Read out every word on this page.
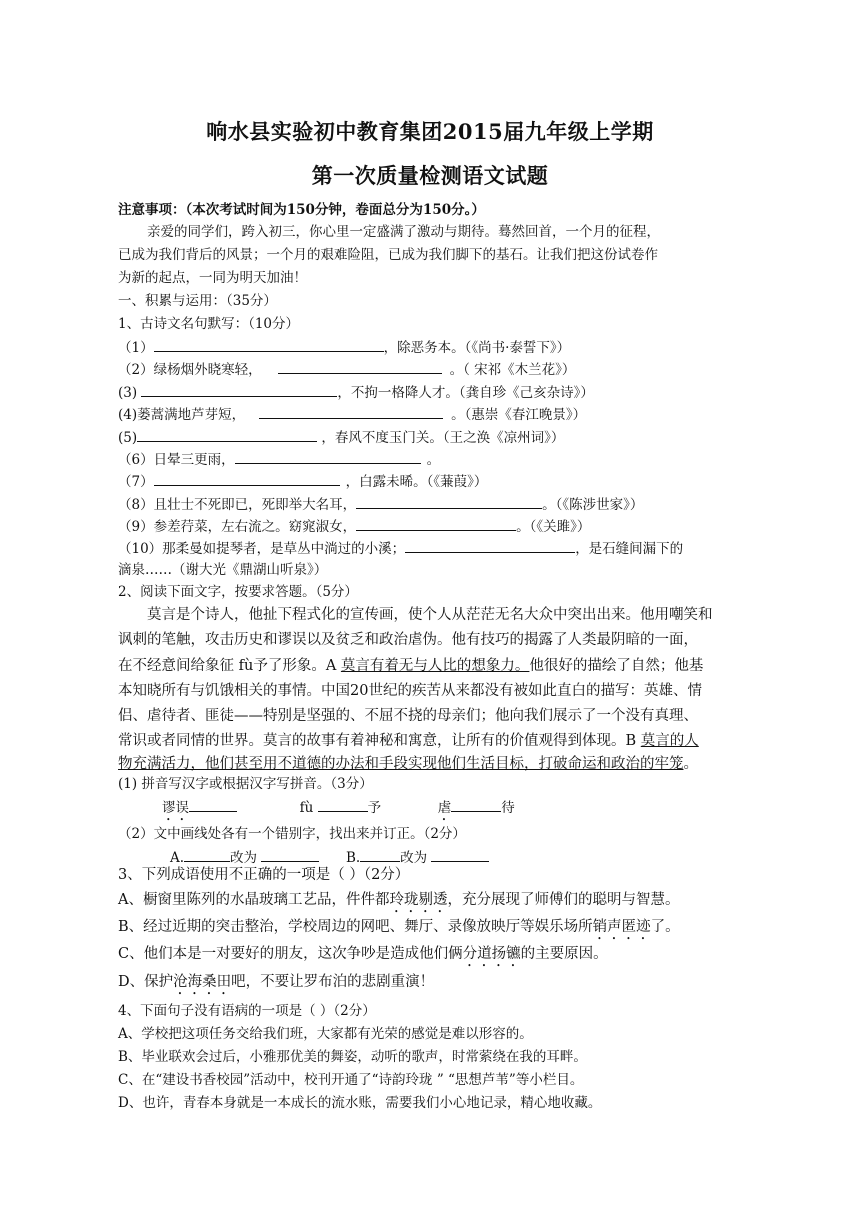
响水县实验初中教育集团2015届九年级上学期
第一次质量检测语文试题
注意事项：（本次考试时间为150分钟，卷面总分为150分。）
亲爱的同学们，跨入初三，你心里一定盛满了激动与期待。蓦然回首，一个月的征程，
已成为我们背后的风景；一个月的艰难险阻，已成为我们脚下的基石。让我们把这份试卷作
为新的起点，一同为明天加油！
一、积累与运用：（35分）
1、古诗文名句默写：（10分）
（1）	，除恶务本。（《尚书·泰誓下》）
（2）绿杨烟外晓寒轻，	。（ 宋祁《木兰花》）
(3)	，不拘一格降人才。（龚自珍《己亥杂诗》）
(4)蒌蒿满地芦芽短，	。（惠崇《春江晚景》）
(5)	，春风不度玉门关。（王之涣《凉州词》）
（6）日晕三更雨，	。
（7）	，白露未晞。（《蒹葭》）
（8）且壮士不死即已，死即举大名耳，	。（《陈涉世家》）
（9）参差荇菜，左右流之。窈窕淑女，	。（《关雎》）
（10）那柔曼如提琴者，是草丛中淌过的小溪；	，是石缝间漏下的
滴泉……（谢大光《鼎湖山听泉》）
2、阅读下面文字，按要求答题。（5分）
莫言是个诗人，他扯下程式化的宣传画，使个人从茫茫无名大众中突出出来。他用嘲笑和
讽刺的笔触，攻击历史和谬误以及贫乏和政治虐伪。他有技巧的揭露了人类最阴暗的一面，
在不经意间给象征 fù予了形象。A 莫言有着无与人比的想象力。他很好的描绘了自然；他基
本知晓所有与饥饿相关的事情。中国20世纪的疾苦从来都没有被如此直白的描写：英雄、情
侣、虐待者、匪徒——特别是坚强的、不屈不挠的母亲们；他向我们展示了一个没有真理、
常识或者同情的世界。莫言的故事有着神秘和寓意，让所有的价值观得到体现。B 莫言的人
物充满活力，他们甚至用不道德的办法和手段实现他们生活目标，打破命运和政治的牢笼。
(1) 拼音写汉字或根据汉字写拼音。（3分）
谬误	fù	予	虐	待
（2）文中画线处各有一个错别字，找出来并订正。（2分）
A.	改为	B.	改为
3、下列成语使用不正确的一项是（ ）（2分）
A、橱窗里陈列的水晶玻璃工艺品，件件都玲珑剔透，充分展现了师傅们的聪明与智慧。
B、经过近期的突击整治，学校周边的网吧、舞厅、录像放映厅等娱乐场所销声匿迹了。
C、他们本是一对要好的朋友，这次争吵是造成他们俩分道扬镳的主要原因。
D、保护沧海桑田吧，不要让罗布泊的悲剧重演！
4、下面句子没有语病的一项是（ ）（2分）
A、学校把这项任务交给我们班，大家都有光荣的感觉是难以形容的。
B、毕业联欢会过后，小雅那优美的舞姿，动听的歌声，时常萦绕在我的耳畔。
C、在“建设书香校园”活动中，校刊开通了“诗韵玲珑 ” “思想芦苇”等小栏目。
D、也许，青春本身就是一本成长的流水账，需要我们小心地记录，精心地收藏。
